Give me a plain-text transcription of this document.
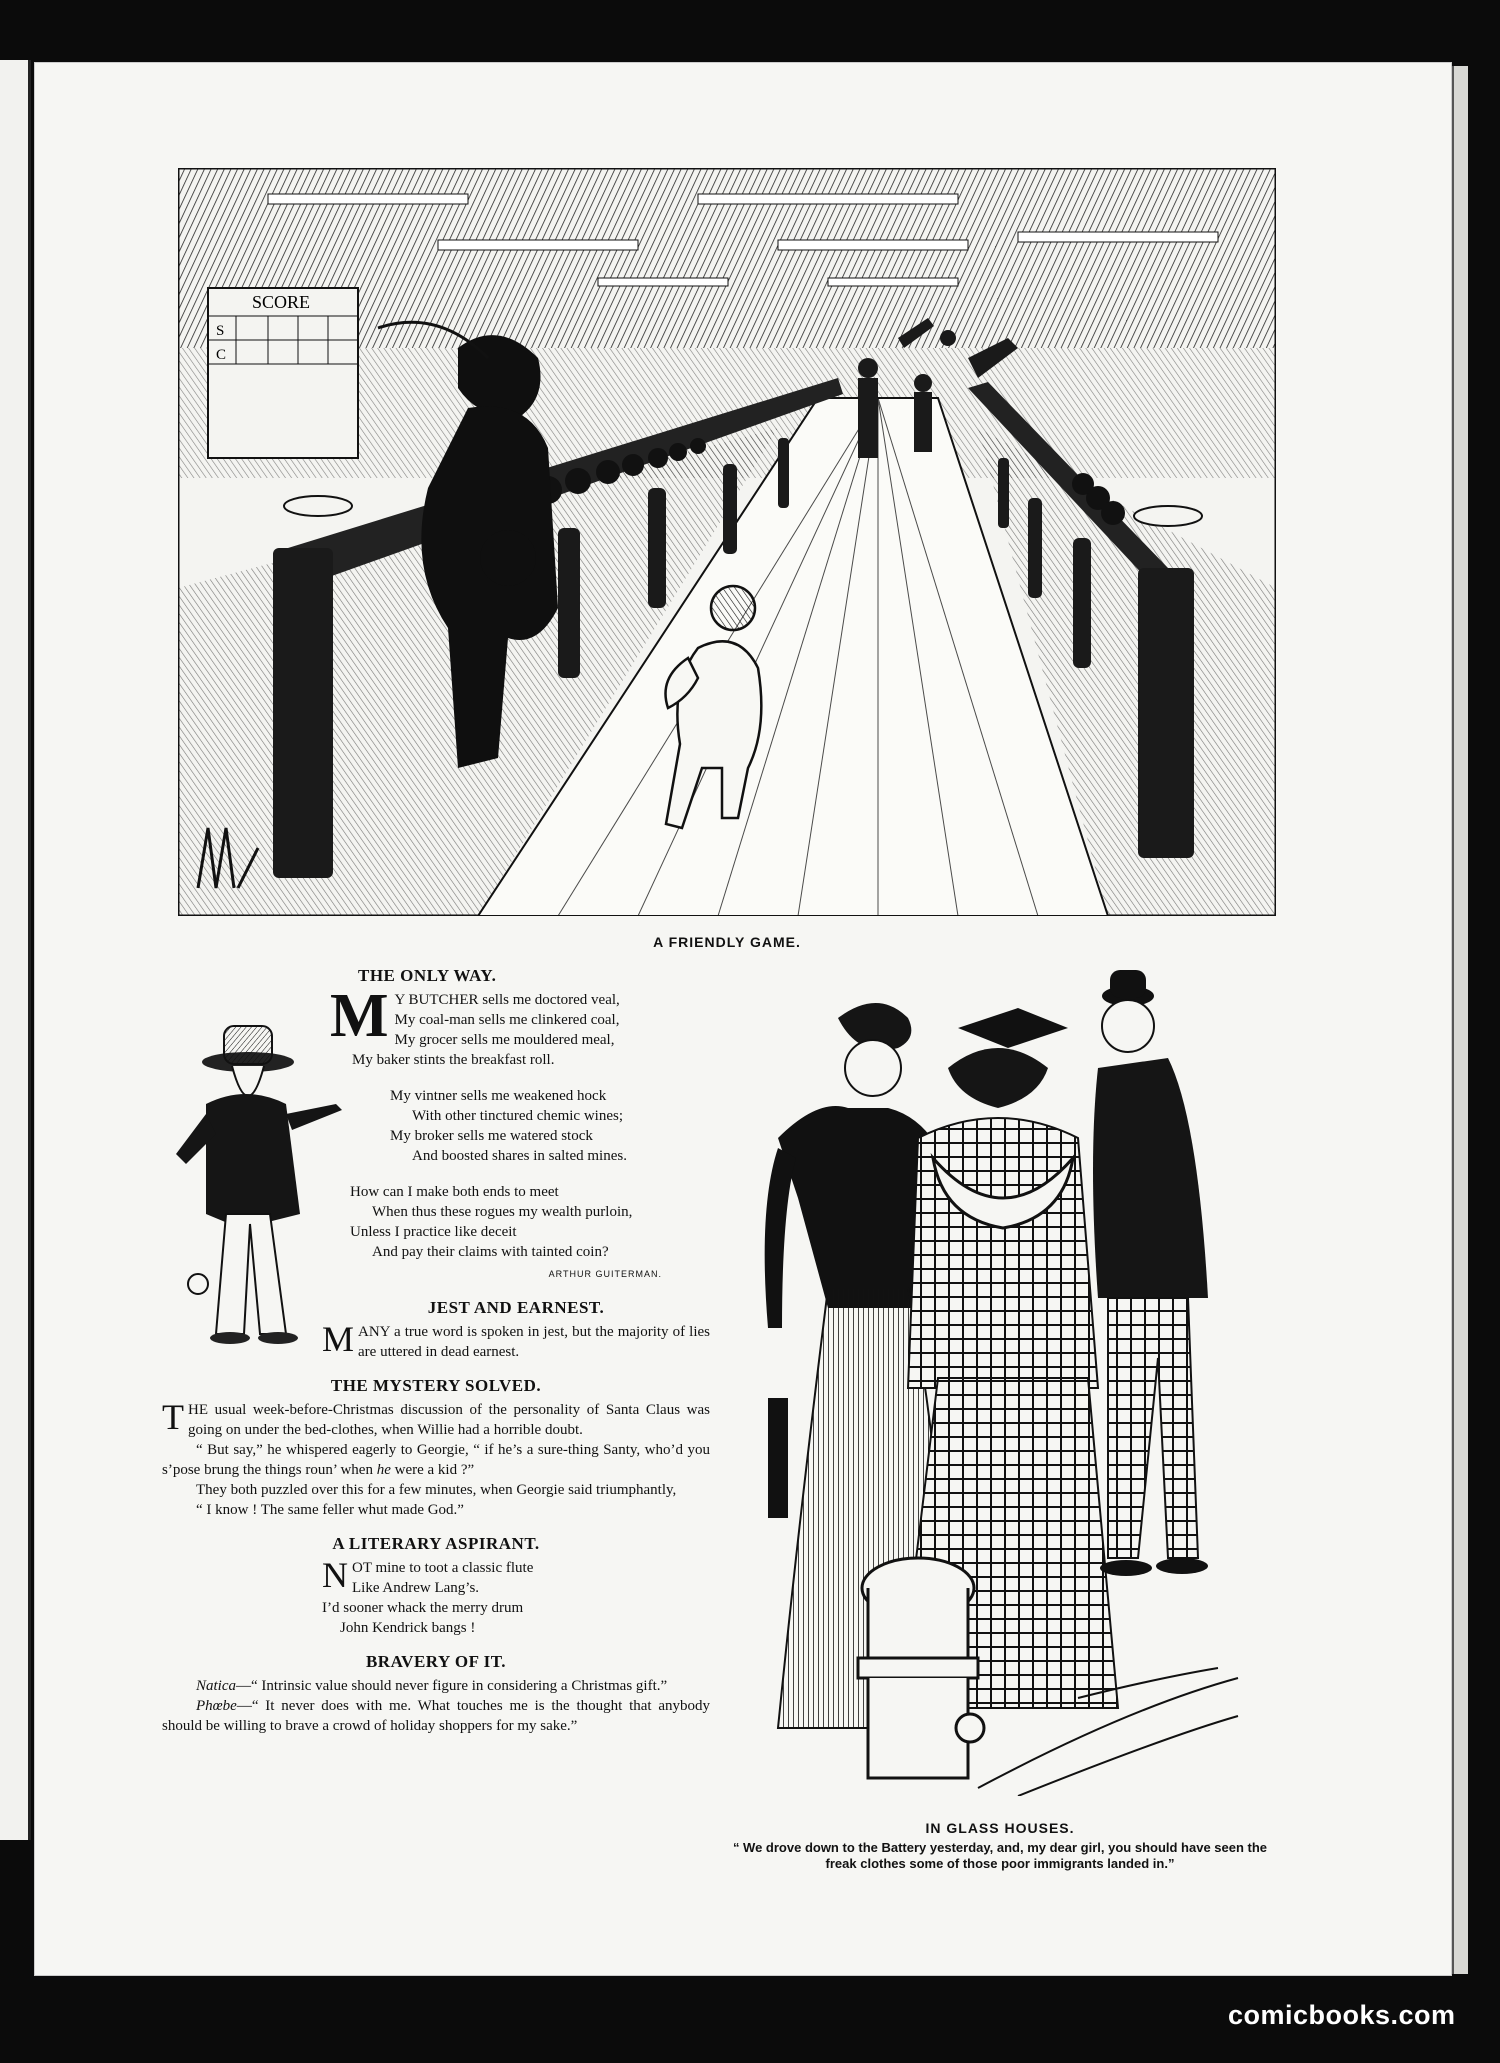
SCORE
S
C
A FRIENDLY GAME.
THE ONLY WAY.
M Y BUTCHER sells me doctored veal,
My coal-man sells me clinkered coal,
My grocer sells me mouldered meal,
My baker stints the breakfast roll.
My vintner sells me weakened hock
With other tinctured chemic wines;
My broker sells me watered stock
And boosted shares in salted mines.
How can I make both ends to meet
When thus these rogues my wealth purloin,
Unless I practice like deceit
And pay their claims with tainted coin?
ARTHUR GUITERMAN.
JEST AND EARNEST.

MANY a true word is spoken in jest, but the majority of lies are uttered in dead earnest.

THE MYSTERY SOLVED.

THE usual week-before-Christmas discussion of the personality of Santa Claus was going on under the bed-clothes, when Willie had a horrible doubt.

“ But say,” he whispered eagerly to Georgie, “ if he’s a sure-thing Santy, who’d you s’pose brung the things roun’ when he were a kid ?”

They both puzzled over this for a few minutes, when Georgie said triumphantly,

“ I know ! The same feller whut made God.”

A LITERARY ASPIRANT.
N OT mine to toot a classic flute
Like Andrew Lang’s.
I’d sooner whack the merry drum
John Kendrick bangs !
BRAVERY OF IT.

Natica—“ Intrinsic value should never figure in considering a Christmas gift.”

Phœbe—“ It never does with me. What touches me is the thought that anybody should be willing to brave a crowd of holiday shoppers for my sake.”

IN GLASS HOUSES.
“ We drove down to the Battery yesterday, and, my dear girl, you should have seen the freak clothes some of those poor immigrants landed in.”
comicbooks.com
